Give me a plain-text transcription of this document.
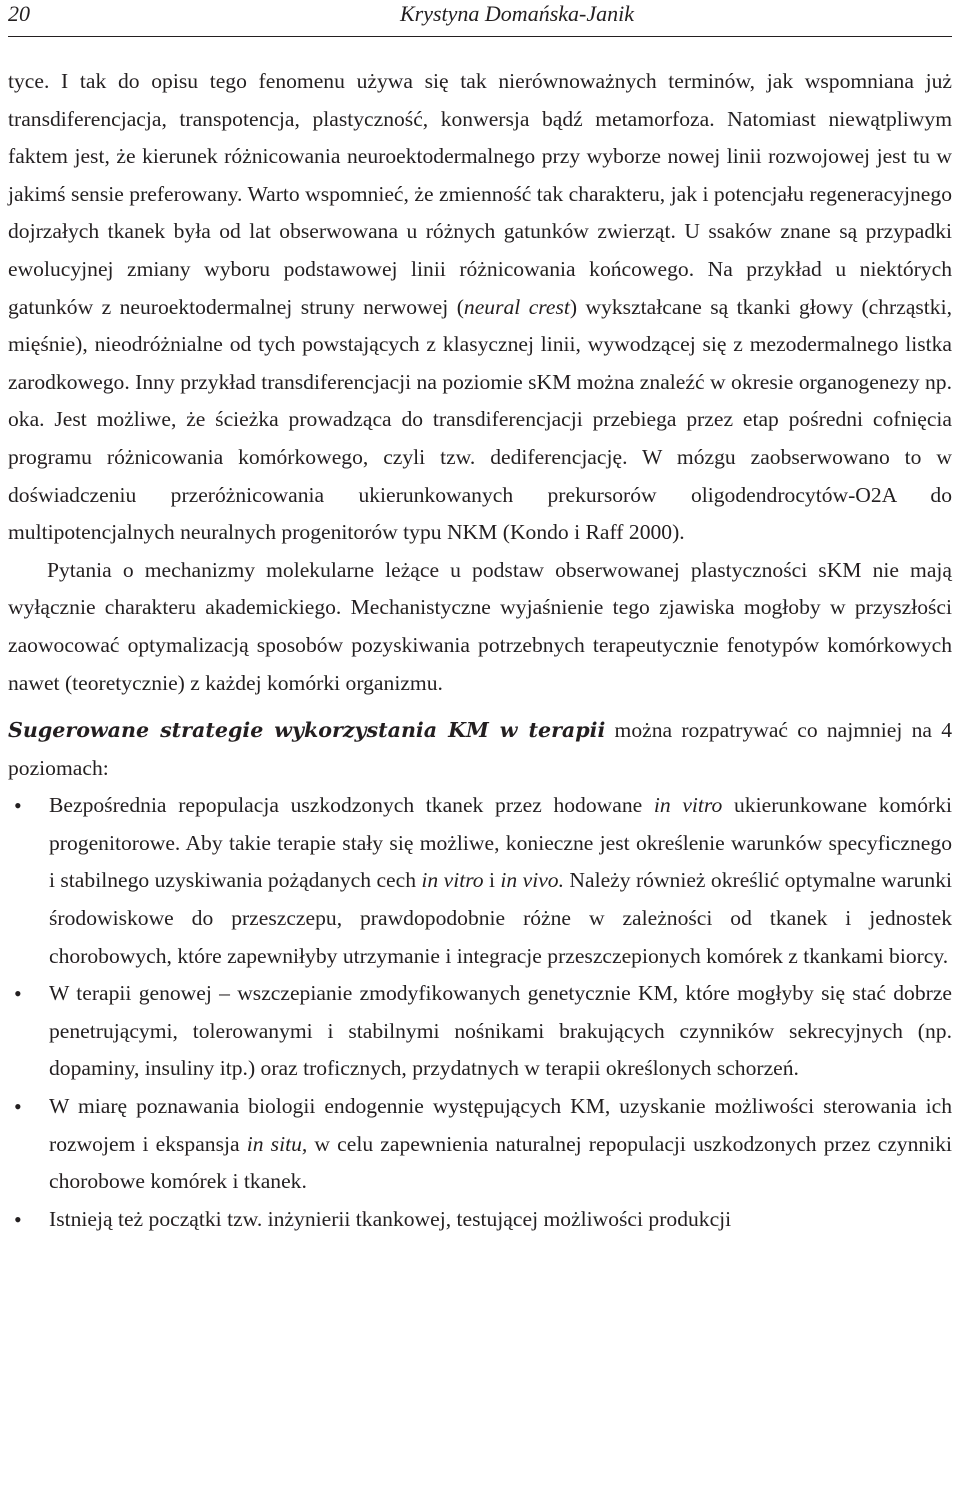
20	Krystyna Domańska-Janik

tyce. I tak do opisu tego fenomenu używa się tak nierównoważnych terminów, jak wspomniana już transdiferencjacja, transpotencja, plastyczność, konwersja bądź metamorfoza. Natomiast niewątpliwym faktem jest, że kierunek różnicowania neuroektodermalnego przy wyborze nowej linii rozwojowej jest tu w jakimś sensie preferowany. Warto wspomnieć, że zmienność tak charakteru, jak i potencjału regeneracyjnego dojrzałych tkanek była od lat obserwowana u różnych gatunków zwierząt. U ssaków znane są przypadki ewolucyjnej zmiany wyboru podstawowej linii różnicowania końcowego. Na przykład u niektórych gatunków z neuroektodermalnej struny nerwowej (neural crest) wykształcane są tkanki głowy (chrząstki, mięśnie), nieodróżnialne od tych powstających z klasycznej linii, wywodzącej się z mezodermalnego listka zarodkowego. Inny przykład transdiferencjacji na poziomie sKM można znaleźć w okresie organogenezy np. oka. Jest możliwe, że ścieżka prowadząca do transdiferencjacji przebiega przez etap pośredni cofnięcia programu różnicowania komórkowego, czyli tzw. dediferencjację. W mózgu zaobserwowano to w doświadczeniu przeróżnicowania ukierunkowanych prekursorów oligodendrocytów-O2A do multipotencjalnych neuralnych progenitorów typu NKM (Kondo i Raff 2000).

Pytania o mechanizmy molekularne leżące u podstaw obserwowanej plastyczności sKM nie mają wyłącznie charakteru akademickiego. Mechanistyczne wyjaśnienie tego zjawiska mogłoby w przyszłości zaowocować optymalizacją sposobów pozyskiwania potrzebnych terapeutycznie fenotypów komórkowych nawet (teoretycznie) z każdej komórki organizmu.

Sugerowane strategie wykorzystania KM w terapii można rozpatrywać co najmniej na 4 poziomach:

• Bezpośrednia repopulacja uszkodzonych tkanek przez hodowane in vitro ukierunkowane komórki progenitorowe. Aby takie terapie stały się możliwe, konieczne jest określenie warunków specyficznego i stabilnego uzyskiwania pożądanych cech in vitro i in vivo. Należy również określić optymalne warunki środowiskowe do przeszczepu, prawdopodobnie różne w zależności od tkanek i jednostek chorobowych, które zapewniłyby utrzymanie i integracje przeszczepionych komórek z tkankami biorcy.
• W terapii genowej – wszczepianie zmodyfikowanych genetycznie KM, które mogłyby się stać dobrze penetrującymi, tolerowanymi i stabilnymi nośnikami brakujących czynników sekrecyjnych (np. dopaminy, insuliny itp.) oraz troficznych, przydatnych w terapii określonych schorzeń.
• W miarę poznawania biologii endogennie występujących KM, uzyskanie możliwości sterowania ich rozwojem i ekspansja in situ, w celu zapewnienia naturalnej repopulacji uszkodzonych przez czynniki chorobowe komórek i tkanek.
• Istnieją też początki tzw. inżynierii tkankowej, testującej możliwości produkcji
